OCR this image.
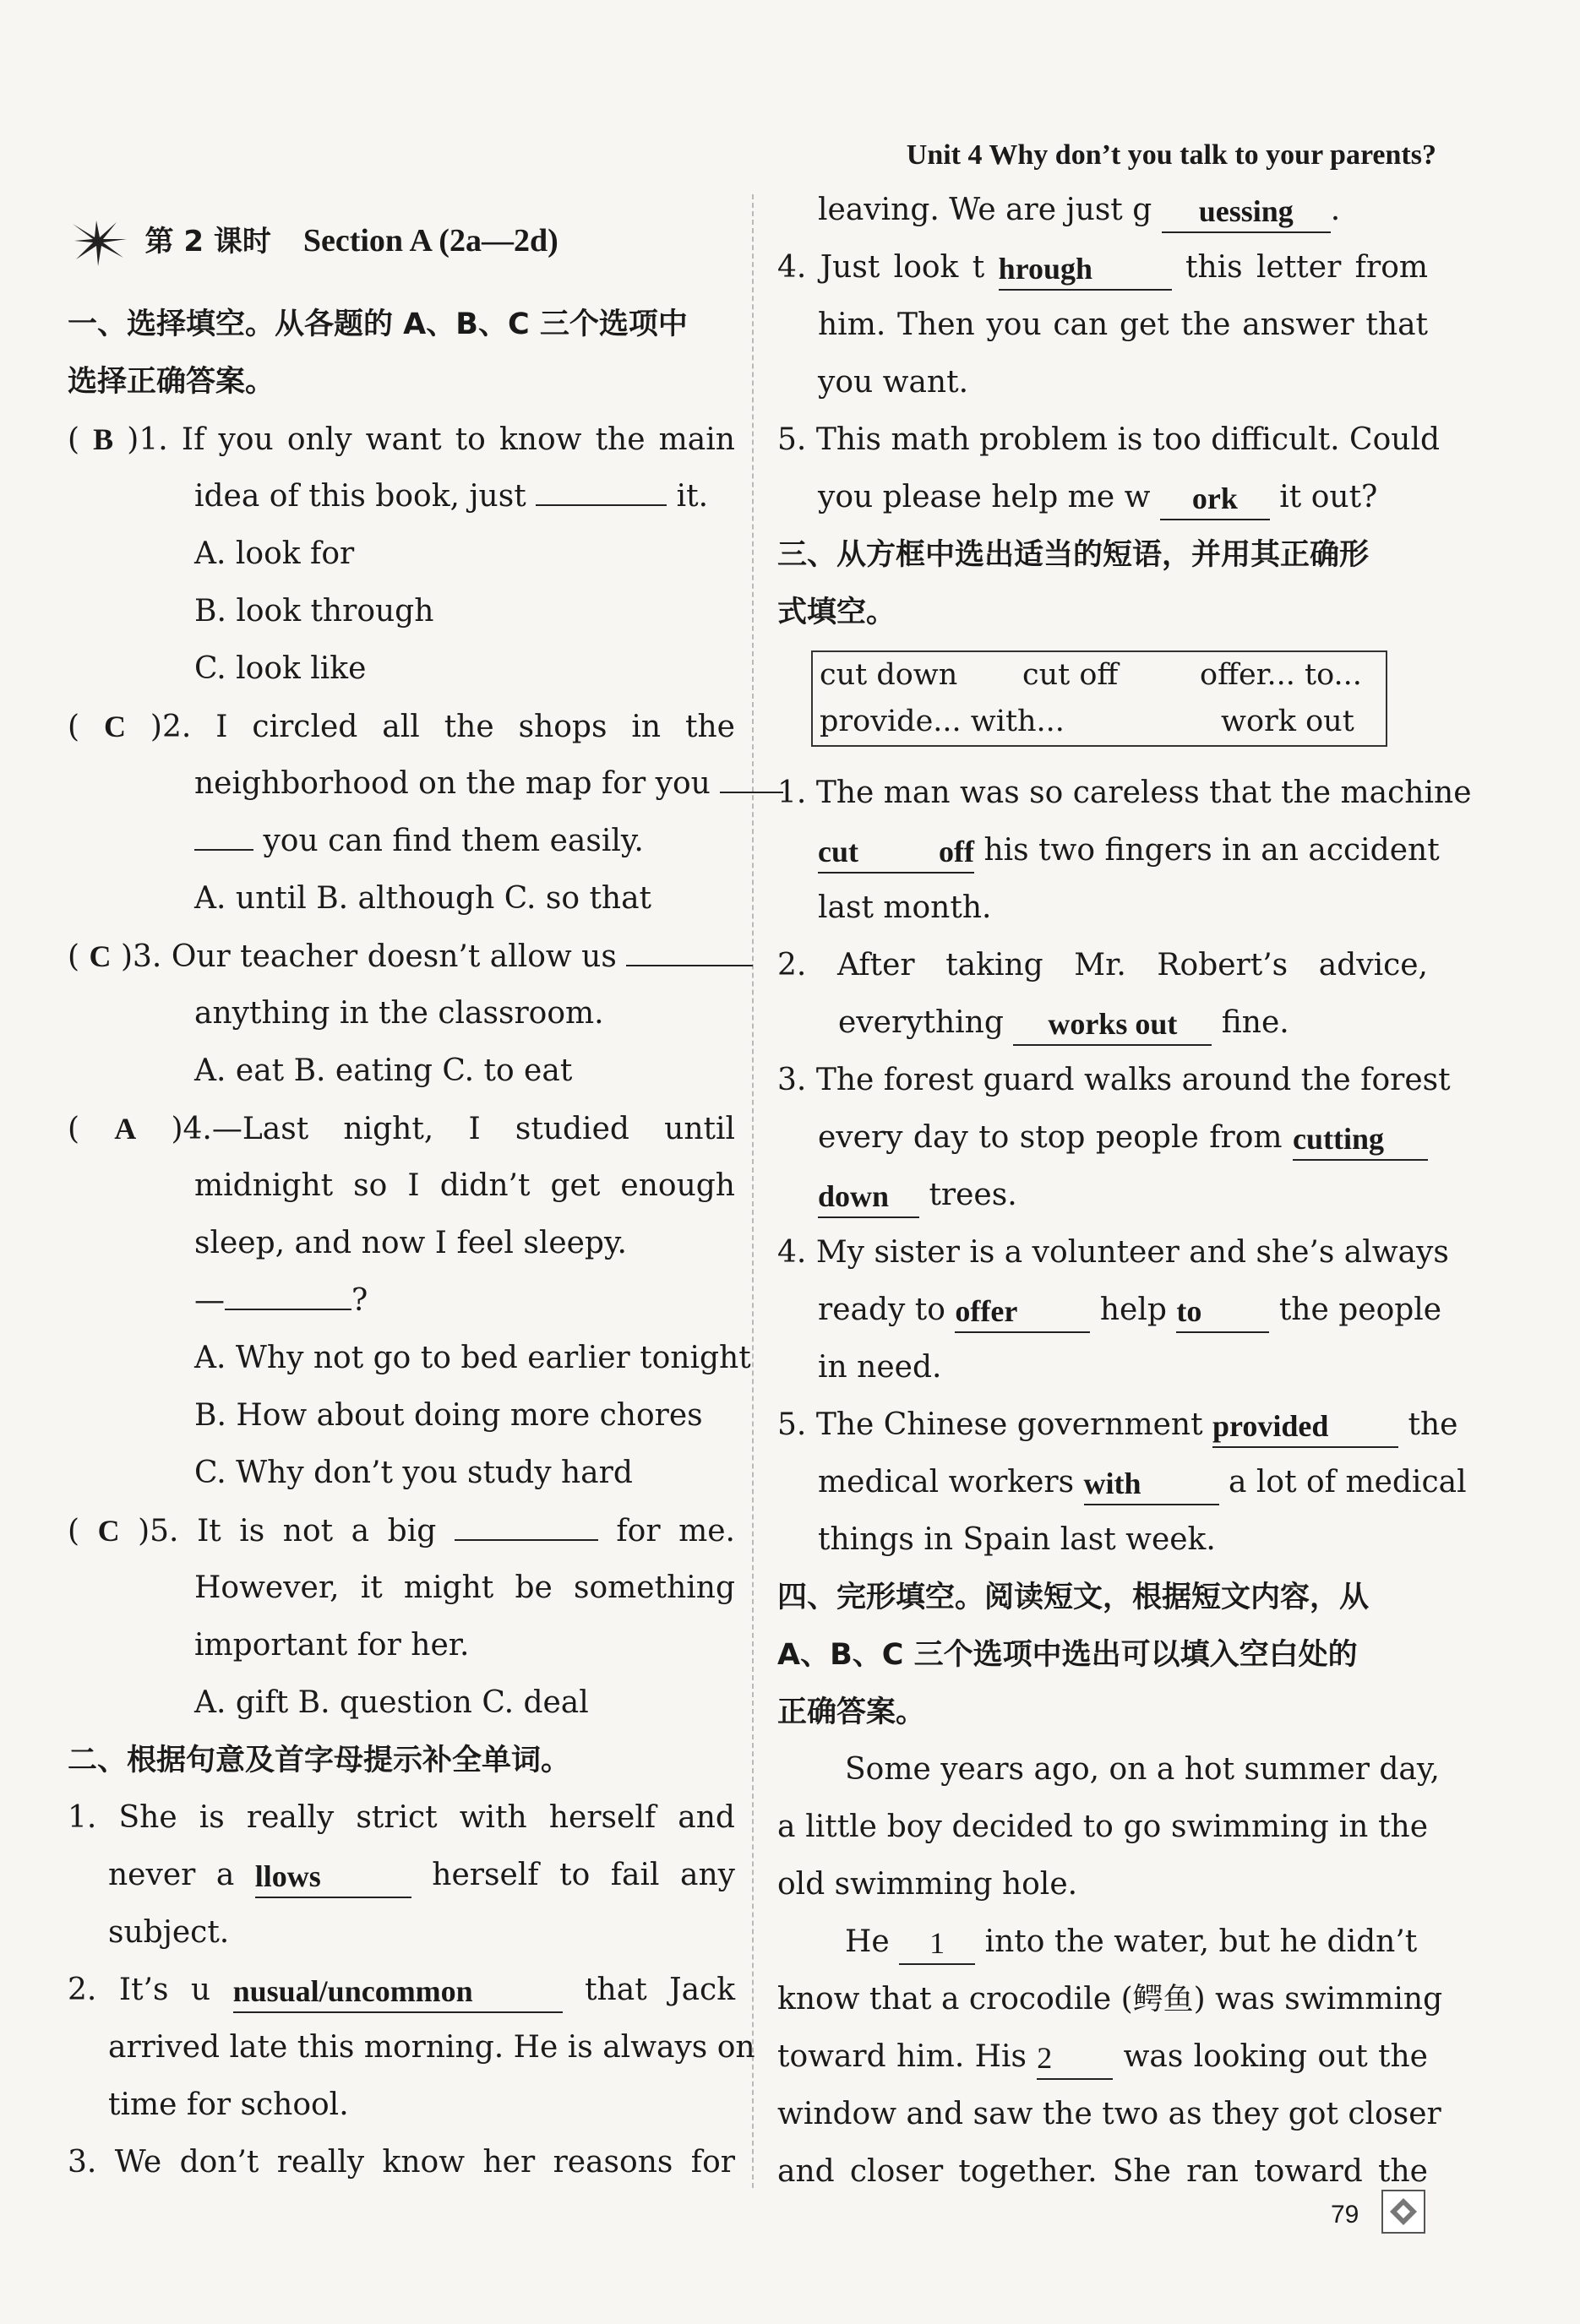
Unit 4 Why don’t you talk to your parents?
第 2 课时 Section A (2a—2d)
一、选择填空。从各题的 A、B、C 三个选项中
选择正确答案。
( B )1. If you only want to know the main
idea of this book, just	it.
A. look for
B. look through
C. look like
( C )2. I circled all the shops in the
neighborhood on the map for you
you can find them easily.
A. until B. although C. so that
( C )3. Our teacher doesn’t allow us
anything in the classroom.
A. eat B. eating C. to eat
( A )4.—Last night, I studied until
midnight so I didn’t get enough
sleep, and now I feel sleepy.
—	?
A. Why not go to bed earlier tonight
B. How about doing more chores
C. Why don’t you study hard
( C )5. It is not a big	for me.
However, it might be something
important for her.
A. gift B. question C. deal
二、根据句意及首字母提示补全单词。
1. She is really strict with herself and
never a llows	herself to fail any
subject.
2. It’s u nusual/uncommon	that Jack
arrived late this morning. He is always on
time for school.
3. We don’t really know her reasons for
leaving. We are just g uessing .
4. Just look t hrough	this letter from
him. Then you can get the answer that
you want.
5. This math problem is too difficult. Could
you please help me w ork it out?
三、从方框中选出适当的短语，并用其正确形
式填空。
cut down cut off	offer... to...
provide... with...	work out
1. The man was so careless that the machine
cut off his two fingers in an accident
last month.
2. After taking Mr. Robert’s advice,
everything works out fine.
3. The forest guard walks around the forest
every day to stop people from cutting
down trees.
4. My sister is a volunteer and she’s always
ready to offer	help to	the people
in need.
5. The Chinese government provided	the
medical workers with	a lot of medical
things in Spain last week.
四、完形填空。阅读短文，根据短文内容，从
A、B、C 三个选项中选出可以填入空白处的
正确答案。
Some years ago, on a hot summer day,
a little boy decided to go swimming in the
old swimming hole.
He 1 into the water, but he didn’t
know that a crocodile (鳄鱼) was swimming
toward him. His 2 was looking out the
window and saw the two as they got closer
and closer together. She ran toward the
79
